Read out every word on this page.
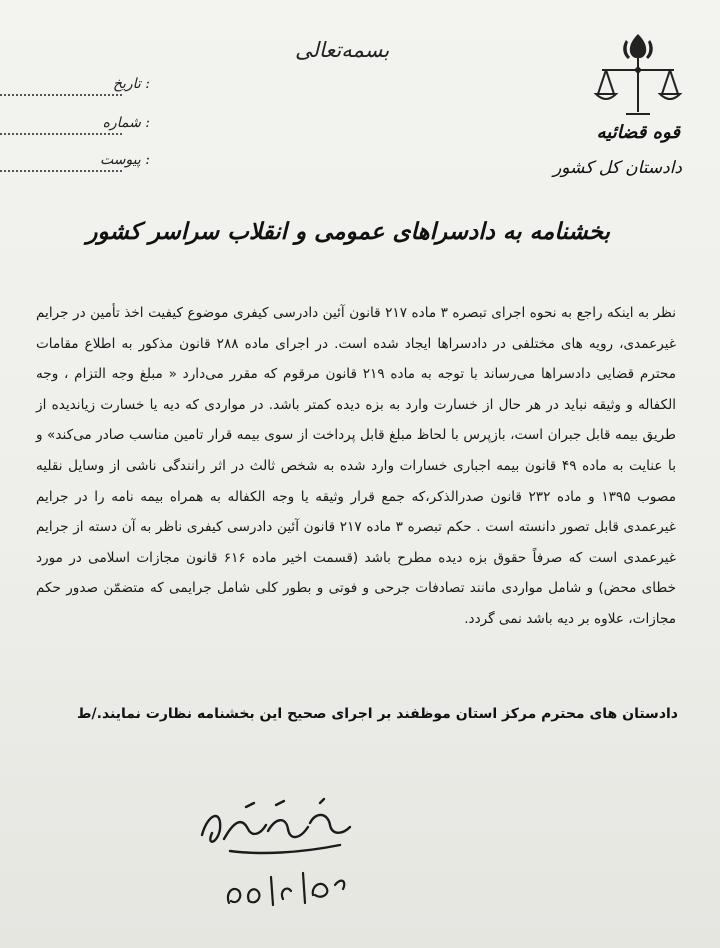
بسمه‌تعالی
تاریخ :
شماره :
پیوست :
قوه قضائیه
دادستان کل کشور
بخشنامه به دادسراهای عمومی و انقلاب سراسر کشور
نظر به اینکه راجع به نحوه اجرای تبصره ۳ ماده ۲۱۷ قانون آئین دادرسی کیفری موضوع کیفیت اخذ تأمین در جرایم غیرعمدی، رویه های مختلفی در دادسراها ایجاد شده است. در اجرای ماده ۲۸۸ قانون مذکور به اطلاع مقامات محترم قضایی دادسراها می‌رساند با توجه به ماده ۲۱۹ قانون مرقوم که مقرر می‌دارد « مبلغ وجه التزام ، وجه الکفاله و وثیقه نباید در هر حال از خسارت وارد به بزه دیده کمتر باشد. در مواردی که دیه یا خسارت زیاندیده از طریق بیمه قابل جبران است، بازپرس با لحاظ مبلغ قابل پرداخت از سوی بیمه قرار تامین مناسب صادر می‌کند» و با عنایت به ماده ۴۹ قانون بیمه اجباری خسارات وارد شده به شخص ثالث در اثر رانندگی ناشی از وسایل نقلیه مصوب ۱۳۹۵ و ماده ۲۳۲ قانون صدرالذکر،که جمع قرار وثیقه یا وجه الکفاله به همراه بیمه نامه را در جرایم غیرعمدی قابل تصور دانسته است . حکم تبصره ۳ ماده ۲۱۷ قانون آئین دادرسی کیفری ناظر به آن دسته از جرایم غیرعمدی است که صرفاً حقوق بزه دیده مطرح باشد (قسمت اخیر ماده ۶۱۶ قانون مجازات اسلامی در مورد خطای محض) و شامل مواردی مانند تصادفات جرحی و فوتی و بطور کلی شامل جرایمی که متضمّن صدور حکم مجازات، علاوه بر دیه باشد نمی گردد.
دادستان های محترم مرکز استان موظفند بر اجرای صحیح این بخشنامه نظارت نمایند./ط
